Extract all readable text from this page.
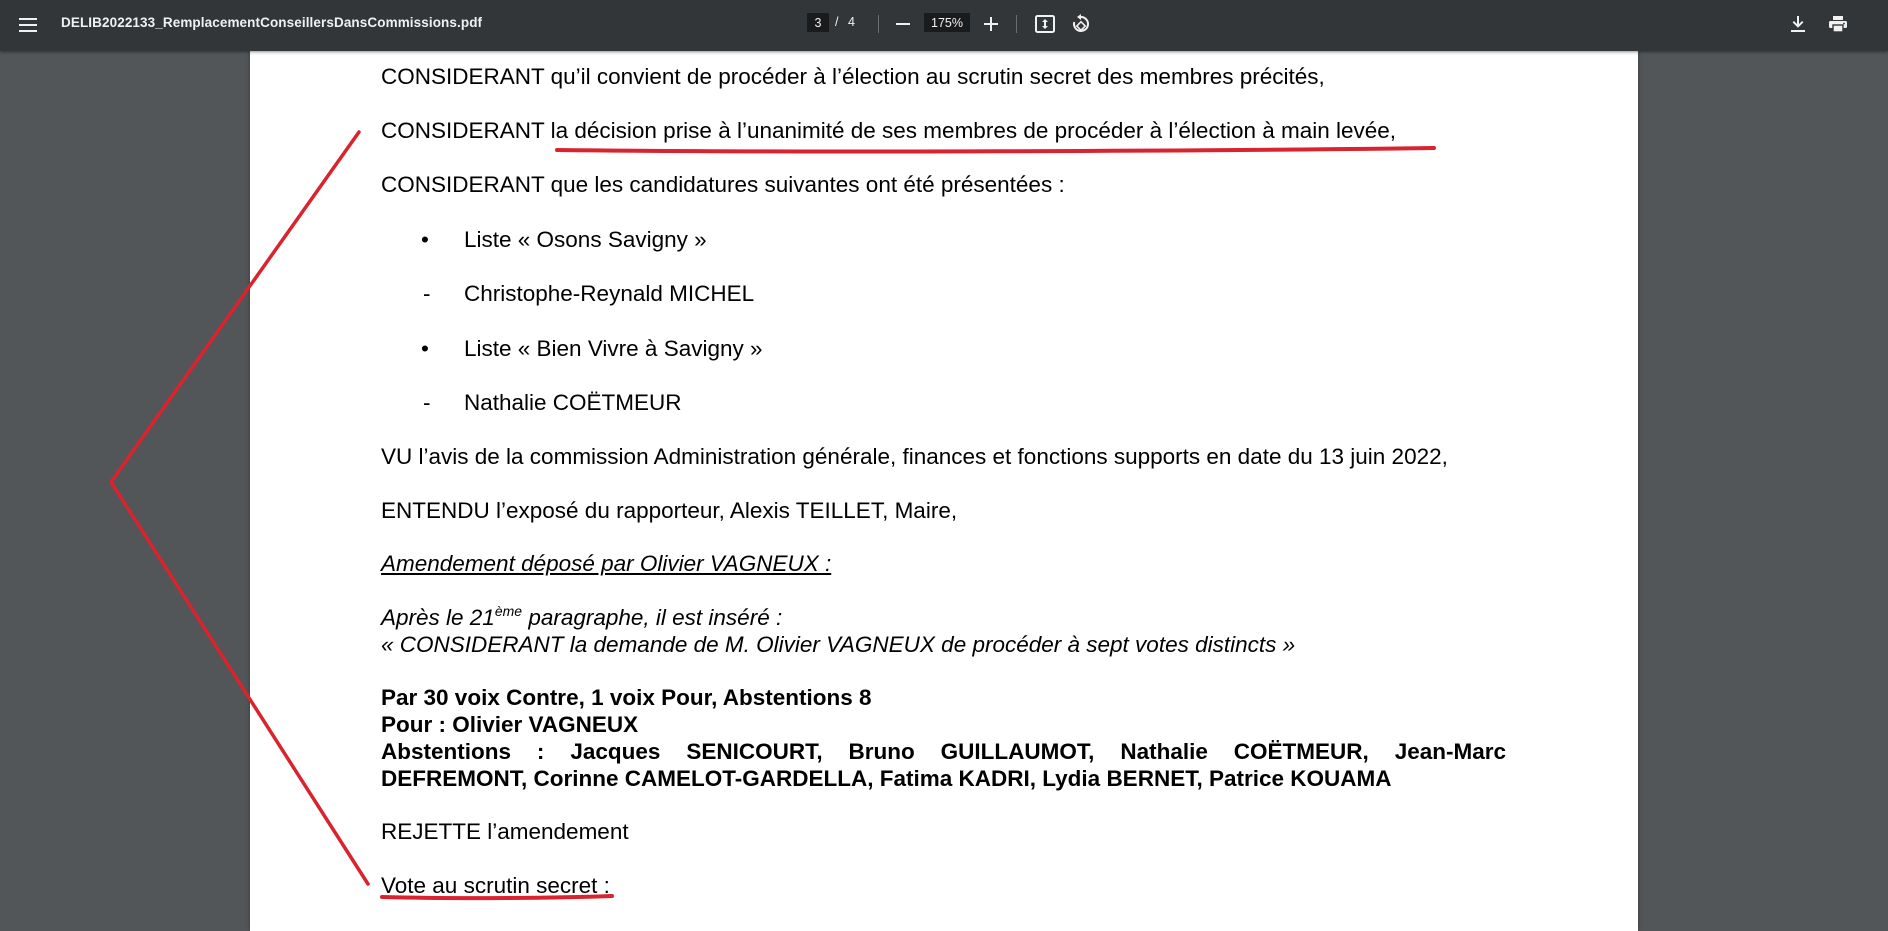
DELIB2022133_RemplacementConseillersDansCommissions.pdf	3	/ 4	175%
CONSIDERANT qu’il convient de procéder à l’élection au scrutin secret des membres précités,
CONSIDERANT la décision prise à l’unanimité de ses membres de procéder à l’élection à main levée,
CONSIDERANT que les candidatures suivantes ont été présentées :
• Liste « Osons Savigny »
- Christophe-Reynald MICHEL
• Liste « Bien Vivre à Savigny »
- Nathalie COËTMEUR
VU l’avis de la commission Administration générale, finances et fonctions supports en date du 13 juin 2022,
ENTENDU l’exposé du rapporteur, Alexis TEILLET, Maire,
Amendement déposé par Olivier VAGNEUX :
Après le 21ème paragraphe, il est inséré :
« CONSIDERANT la demande de M. Olivier VAGNEUX de procéder à sept votes distincts »
Par 30 voix Contre, 1 voix Pour, Abstentions 8
Pour : Olivier VAGNEUX
Abstentions : Jacques SENICOURT, Bruno GUILLAUMOT, Nathalie COËTMEUR, Jean-Marc
DEFREMONT, Corinne CAMELOT-GARDELLA, Fatima KADRI, Lydia BERNET, Patrice KOUAMA
REJETTE l’amendement
Vote au scrutin secret :
